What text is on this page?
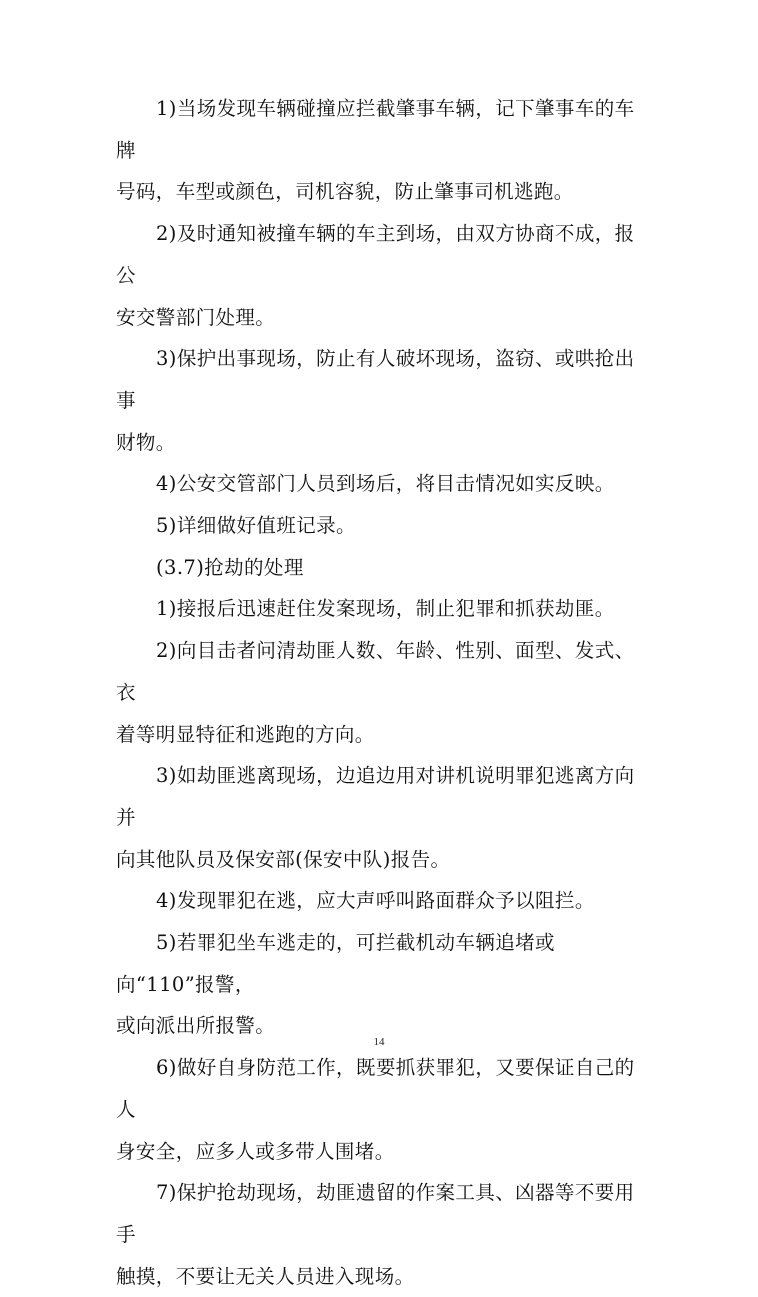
1)当场发现车辆碰撞应拦截肇事车辆，记下肇事车的车牌
号码，车型或颜色，司机容貌，防止肇事司机逃跑。

2)及时通知被撞车辆的车主到场，由双方协商不成，报公
安交警部门处理。

3)保护出事现场，防止有人破坏现场，盗窃、或哄抢出事
财物。

4)公安交管部门人员到场后，将目击情况如实反映。

5)详细做好值班记录。

(3.7)抢劫的处理

1)接报后迅速赶住发案现场，制止犯罪和抓获劫匪。

2)向目击者问清劫匪人数、年龄、性别、面型、发式、衣
着等明显特征和逃跑的方向。

3)如劫匪逃离现场，边追边用对讲机说明罪犯逃离方向并
向其他队员及保安部(保安中队)报告。

4)发现罪犯在逃，应大声呼叫路面群众予以阻拦。

5)若罪犯坐车逃走的，可拦截机动车辆追堵或向“110”报警，
或向派出所报警。

6)做好自身防范工作，既要抓获罪犯，又要保证自己的人
身安全，应多人或多带人围堵。

7)保护抢劫现场，劫匪遗留的作案工具、凶器等不要用手
触摸，不要让无关人员进入现场。

14
